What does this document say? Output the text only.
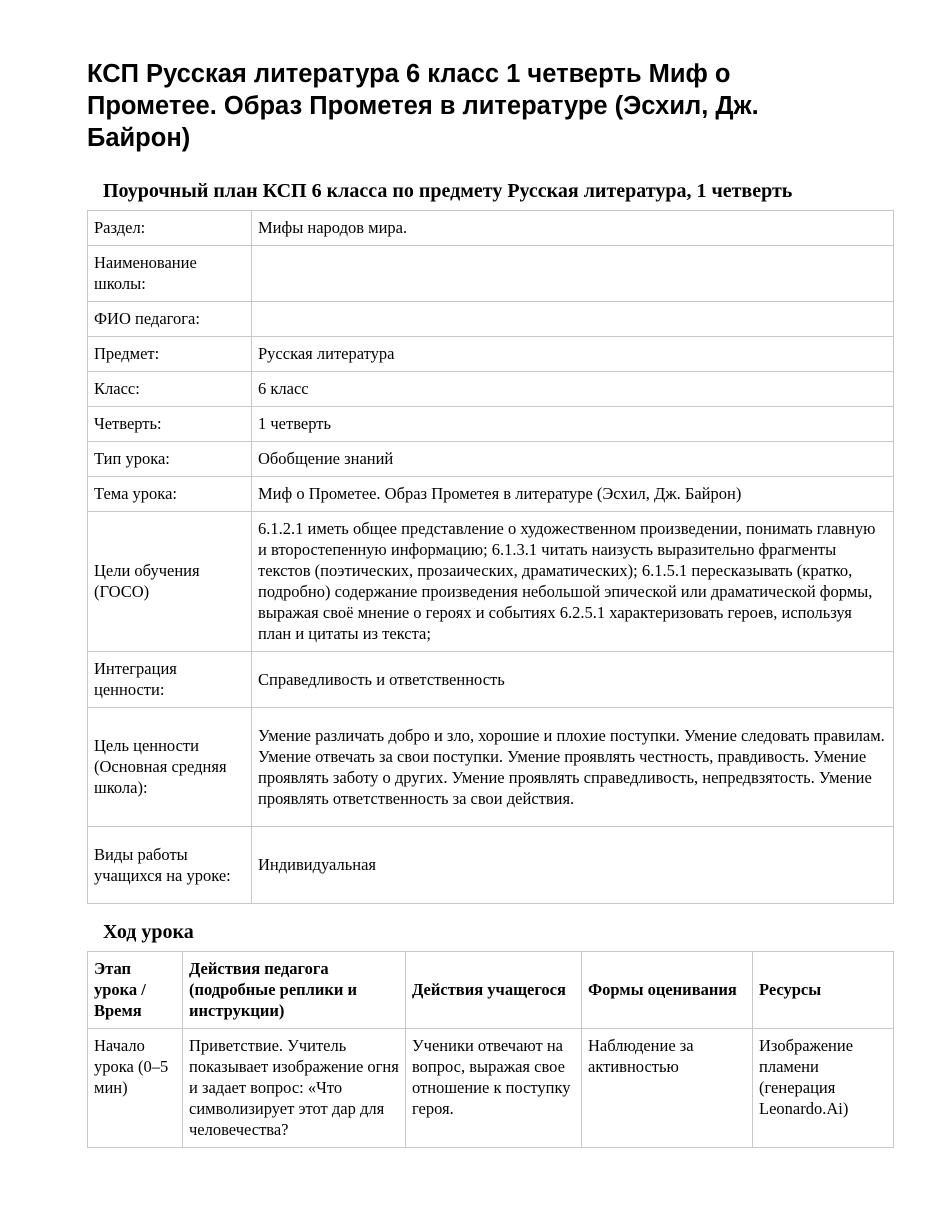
КСП Русская литература 6 класс 1 четверть Миф о Прометее. Образ Прометея в литературе (Эсхил, Дж. Байрон)
Поурочный план КСП 6 класса по предмету Русская литература, 1 четверть
Раздел:	Мифы народов мира.
Наименование школы:	
ФИО педагога:	
Предмет:	Русская литература
Класс:	6 класс
Четверть:	1 четверть
Тип урока:	Обобщение знаний
Тема урока:	Миф о Прометее. Образ Прометея в литературе (Эсхил, Дж. Байрон)
Цели обучения (ГОСО)	6.1.2.1 иметь общее представление о художественном произведении, понимать главную и второстепенную информацию; 6.1.3.1 читать наизусть выразительно фрагменты текстов (поэтических, прозаических, драматических); 6.1.5.1 пересказывать (кратко, подробно) содержание произведения небольшой эпической или драматической формы, выражая своё мнение о героях и событиях 6.2.5.1 характеризовать героев, используя план и цитаты из текста;
Интеграция ценности:	Справедливость и ответственность
Цель ценности (Основная средняя школа):	Умение различать добро и зло, хорошие и плохие поступки. Умение следовать правилам. Умение отвечать за свои поступки. Умение проявлять честность, правдивость. Умение проявлять заботу о других. Умение проявлять справедливость, непредвзятость. Умение проявлять ответственность за свои действия.
Виды работы учащихся на уроке:	Индивидуальная
Ход урока
Этап урока / Время	Действия педагога (подробные реплики и инструкции)	Действия учащегося	Формы оценивания	Ресурсы
Начало урока (0–5 мин)	Приветствие. Учитель показывает изображение огня и задает вопрос: «Что символизирует этот дар для человечества?	Ученики отвечают на вопрос, выражая свое отношение к поступку героя.	Наблюдение за активностью	Изображение пламени (генерация Leonardo.Ai)
